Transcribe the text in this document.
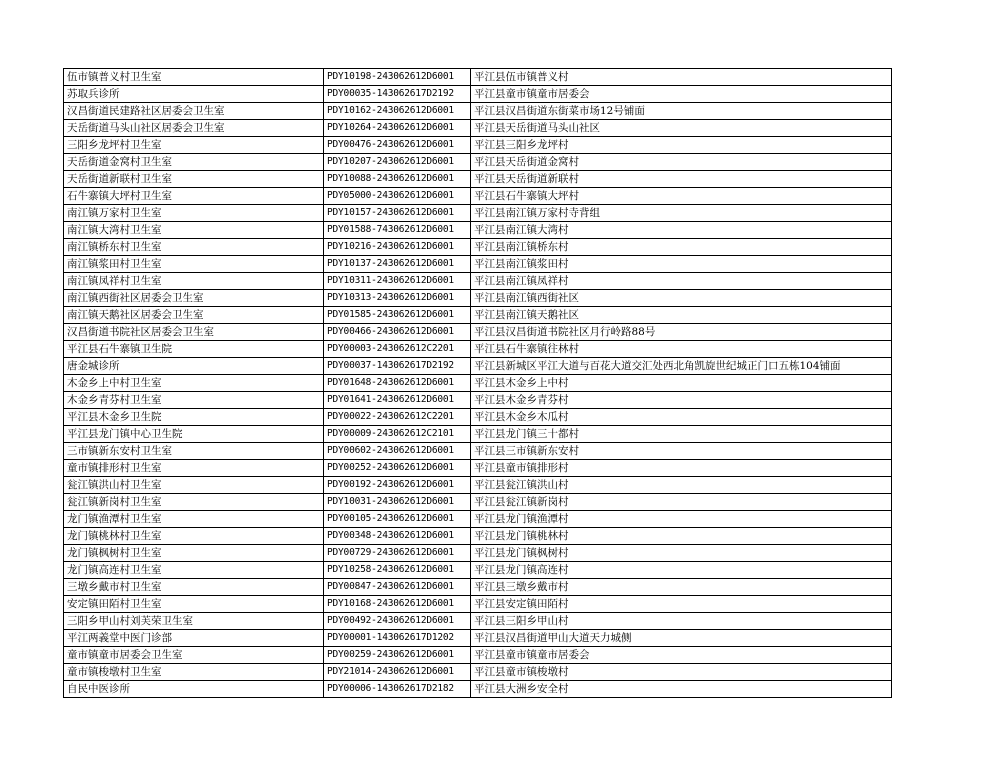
伍市镇普义村卫生室	PDY10198-243062612D6001	平江县伍市镇普义村
苏取兵诊所	PDY00035-143062617D2192	平江县童市镇童市居委会
汉昌街道民建路社区居委会卫生室	PDY10162-243062612D6001	平江县汉昌街道东街菜市场12号铺面
天岳街道马头山社区居委会卫生室	PDY10264-243062612D6001	平江县天岳街道马头山社区
三阳乡龙坪村卫生室	PDY00476-243062612D6001	平江县三阳乡龙坪村
天岳街道金窝村卫生室	PDY10207-243062612D6001	平江县天岳街道金窝村
天岳街道新联村卫生室	PDY10088-243062612D6001	平江县天岳街道新联村
石牛寨镇大坪村卫生室	PDY05000-243062612D6001	平江县石牛寨镇大坪村
南江镇万家村卫生室	PDY10157-243062612D6001	平江县南江镇万家村寺背组
南江镇大湾村卫生室	PDY01588-743062612D6001	平江县南江镇大湾村
南江镇桥东村卫生室	PDY10216-243062612D6001	平江县南江镇桥东村
南江镇浆田村卫生室	PDY10137-243062612D6001	平江县南江镇浆田村
南江镇凤祥村卫生室	PDY10311-243062612D6001	平江县南江镇凤祥村
南江镇西街社区居委会卫生室	PDY10313-243062612D6001	平江县南江镇西街社区
南江镇天鹅社区居委会卫生室	PDY01585-243062612D6001	平江县南江镇天鹅社区
汉昌街道书院社区居委会卫生室	PDY00466-243062612D6001	平江县汉昌街道书院社区月行岭路88号
平江县石牛寨镇卫生院	PDY00003-243062612C2201	平江县石牛寨镇往林村
唐金城诊所	PDY00037-143062617D2192	平江县新城区平江大道与百花大道交汇处西北角凯旋世纪城正门口五栋104铺面
木金乡上中村卫生室	PDY01648-243062612D6001	平江县木金乡上中村
木金乡青芬村卫生室	PDY01641-243062612D6001	平江县木金乡青芬村
平江县木金乡卫生院	PDY00022-243062612C2201	平江县木金乡木瓜村
平江县龙门镇中心卫生院	PDY00009-243062612C2101	平江县龙门镇三十都村
三市镇新东安村卫生室	PDY00602-243062612D6001	平江县三市镇新东安村
童市镇排形村卫生室	PDY00252-243062612D6001	平江县童市镇排形村
瓮江镇洪山村卫生室	PDY00192-243062612D6001	平江县瓮江镇洪山村
瓮江镇新岗村卫生室	PDY10031-243062612D6001	平江县瓮江镇新岗村
龙门镇渔潭村卫生室	PDY00105-243062612D6001	平江县龙门镇渔潭村
龙门镇桃林村卫生室	PDY00348-243062612D6001	平江县龙门镇桃林村
龙门镇枫树村卫生室	PDY00729-243062612D6001	平江县龙门镇枫树村
龙门镇高连村卫生室	PDY10258-243062612D6001	平江县龙门镇高连村
三墩乡戴市村卫生室	PDY00847-243062612D6001	平江县三墩乡戴市村
安定镇田陌村卫生室	PDY10168-243062612D6001	平江县安定镇田陌村
三阳乡甲山村刘芙荣卫生室	PDY00492-243062612D6001	平江县三阳乡甲山村
平江两義堂中医门诊部	PDY00001-143062617D1202	平江县汉昌街道甲山大道天力城侧
童市镇童市居委会卫生室	PDY00259-243062612D6001	平江县童市镇童市居委会
童市镇梭墩村卫生室	PDY21014-243062612D6001	平江县童市镇梭墩村
自民中医诊所	PDY00006-143062617D2182	平江县大洲乡安全村
